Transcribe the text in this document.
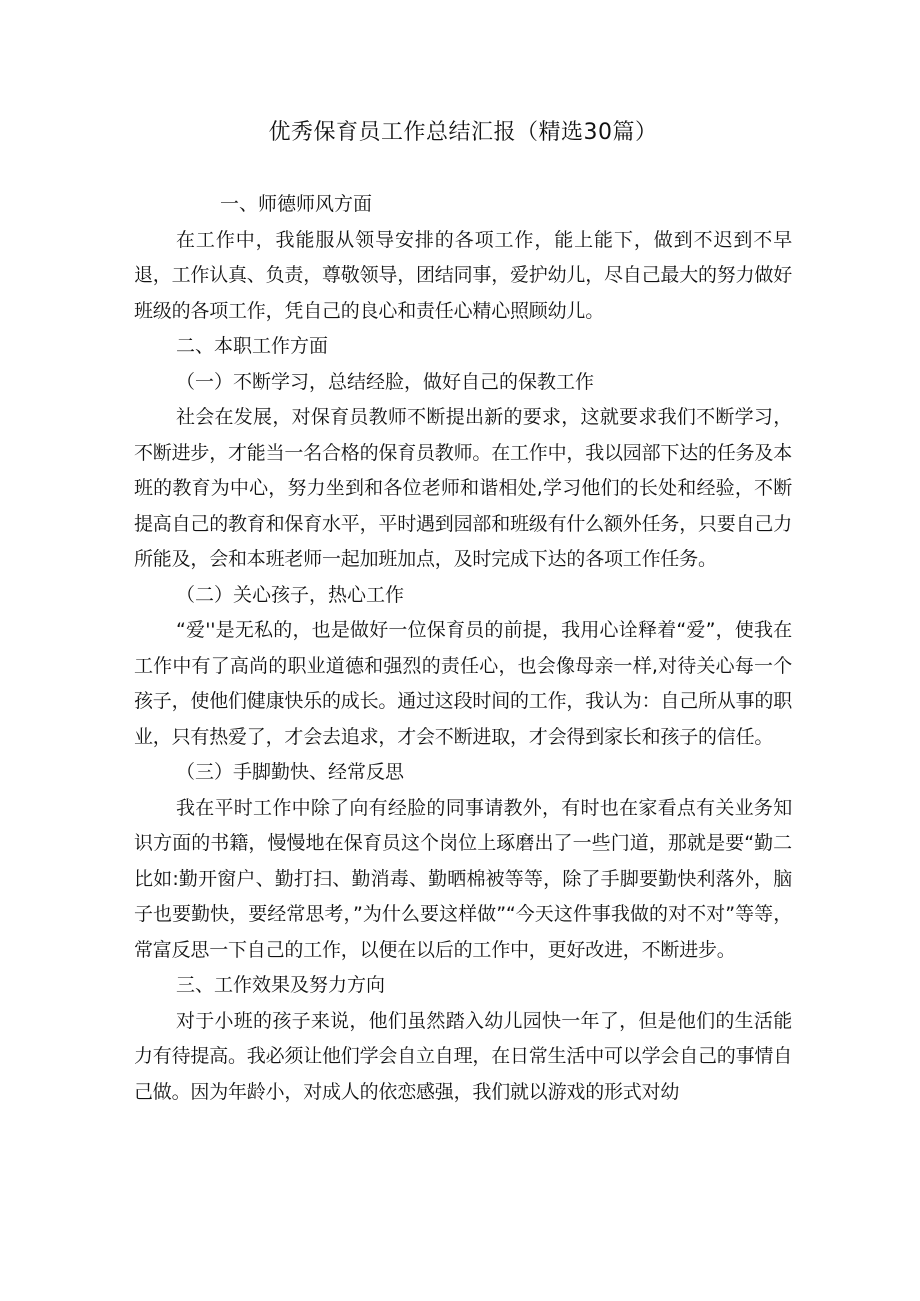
优秀保育员工作总结汇报（精选30篇）

一、师德师风方面

在工作中，我能服从领导安排的各项工作，能上能下，做到不迟到不早退，工作认真、负责，尊敬领导，团结同事，爱护幼儿，尽自己最大的努力做好班级的各项工作，凭自己的良心和责任心精心照顾幼儿。

二、本职工作方面

（一）不断学习，总结经脸，做好自己的保教工作

社会在发展，对保育员教师不断提出新的要求，这就要求我们不断学习，不断进步，才能当一名合格的保育员教师。在工作中，我以园部下达的任务及本班的教育为中心，努力坐到和各位老师和谐相处,学习他们的长处和经验，不断提高自己的教育和保育水平，平时遇到园部和班级有什么额外任务，只要自己力所能及，会和本班老师一起加班加点，及时完成下达的各项工作任务。

（二）关心孩子，热心工作

“爱''是无私的，也是做好一位保育员的前提，我用心诠释着“爱”，使我在工作中有了高尚的职业道德和强烈的责任心，也会像母亲一样,对待关心每一个孩子，使他们健康快乐的成长。通过这段时间的工作，我认为：自己所从事的职业，只有热爱了，才会去追求，才会不断进取，才会得到家长和孩子的信任。

（三）手脚勤快、经常反思

我在平时工作中除了向有经脸的同事请教外，有时也在家看点有关业务知识方面的书籍，慢慢地在保育员这个岗位上琢磨出了一些门道，那就是要“勤二比如:勤开窗户、勤打扫、勤消毒、勤晒棉被等等，除了手脚要勤快利落外，脑子也要勤快，要经常思考，”为什么要这样做”“今天这件事我做的对不对”等等，常富反思一下自己的工作，以便在以后的工作中，更好改进，不断进步。

三、工作效果及努力方向

对于小班的孩子来说，他们虽然踏入幼儿园快一年了，但是他们的生活能力有待提高。我必须让他们学会自立自理，在日常生活中可以学会自己的事情自己做。因为年龄小，对成人的依恋感强，我们就以游戏的形式对幼
